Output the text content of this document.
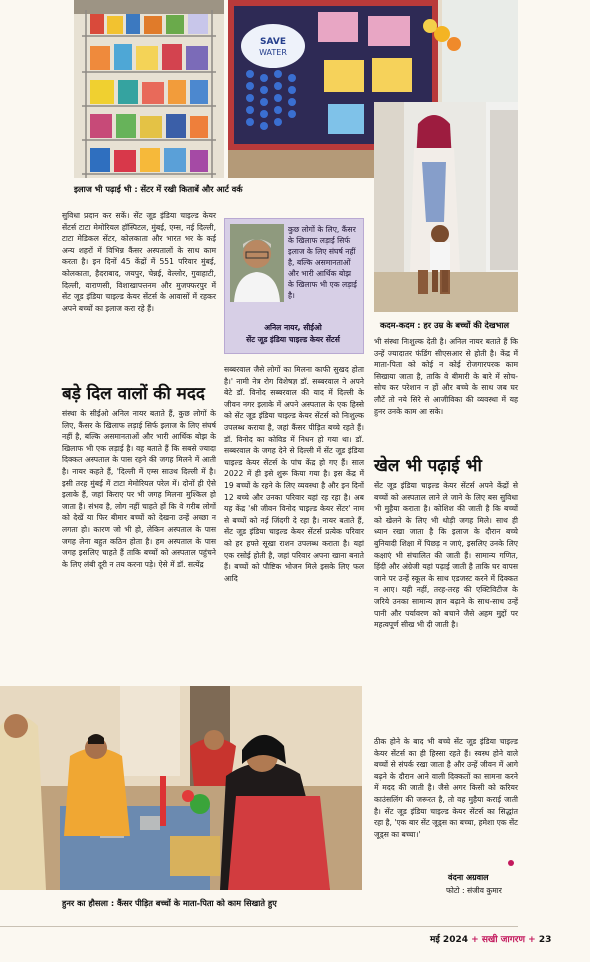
SAVE
WATER
इलाज भी पढ़ाई भी : सेंटर में रखी किताबें और आर्ट वर्क
कदम-कदम : हर उम्र के बच्चों की देखभाल
कुछ लोगों के लिए, कैंसर के खिलाफ लड़ाई सिर्फ इलाज के लिए संघर्ष नहीं है, बल्कि असमानताओं और भारी आर्थिक बोझ के खिलाफ भी एक लड़ाई है।
अनिल नायर, सीईओ
सेंट जूड इंडिया चाइल्ड केयर सेंटर्स

सुविधा प्रदान कर सकें। सेंट जूड इंडिया चाइल्ड केयर सेंटर्स टाटा मेमोरियल हॉस्पिटल, मुंबई, एम्स, नई दिल्ली, टाटा मेडिकल सेंटर, कोलकाता और भारत भर के कई अन्य शहरों में विभिन्न कैंसर अस्पतालों के साथ काम करता है। इन दिनों 45 केंद्रों में 551 परिवार मुंबई, कोलकाता, हैदराबाद, जयपुर, चेन्नई, वेल्लोर, गुवाहाटी, दिल्ली, वाराणसी, विशाखापत्तनम और मुजफ्फरपुर में सेंट जूड इंडिया चाइल्ड केयर सेंटर्स के आवासों में रहकर अपने बच्चों का इलाज करा रहे हैं।

बड़े दिल वालों की मदद

संस्था के सीईओ अनिल नायर बताते हैं, कुछ लोगों के लिए, कैंसर के खिलाफ लड़ाई सिर्फ इलाज के लिए संघर्ष नहीं है, बल्कि असमानताओं और भारी आर्थिक बोझ के खिलाफ भी एक लड़ाई है। वह बताते हैं कि सबसे ज्यादा दिक्कत अस्पताल के पास रहने की जगह मिलने में आती है। नायर कहते हैं, 'दिल्ली में एम्स साउथ दिल्ली में है। इसी तरह मुंबई में टाटा मेमोरियल परेल में। दोनों ही ऐसे इलाके हैं, जहां किराए पर भी जगह मिलना मुश्किल हो जाता है। संभव है, लोग नहीं चाहते हों कि वे गरीब लोगों को देखें या फिर बीमार बच्चों को देखना उन्हें अच्छा न लगता हो। कारण जो भी हो, लेकिन अस्पताल के पास जगह लेना बहुत कठिन होता है। हम अस्पताल के पास जगह इसलिए चाहते हैं ताकि बच्चों को अस्पताल पहुंचने के लिए लंबी दूरी न तय करना पड़े। ऐसे में डॉ. सत्येंद्र

सब्बरवाल जैसे लोगों का मिलना काफी सुखद होता है।' नामी नेत्र रोग विशेषज्ञ डॉ. सब्बरवाल ने अपने बेटे डॉ. विनोद सब्बरवाल की याद में दिल्ली के जीवन नगर इलाके में अपने अस्पताल के एक हिस्से को सेंट जूड इंडिया चाइल्ड केयर सेंटर्स को निःशुल्क उपलब्ध कराया है, जहां कैंसर पीड़ित बच्चे रहते हैं। डॉ. विनोद का कोविड में निधन हो गया था। डॉ. सब्बरवाल के जगह देने से दिल्ली में सेंट जूड इंडिया चाइल्ड केयर सेंटर्स के पांच केंद्र हो गए हैं। साल 2022 में ही इसे शुरू किया गया है। इस केंद्र में 19 बच्चों के रहने के लिए व्यवस्था है और इन दिनों 12 बच्चे और उनका परिवार यहां रह रहा है। अब यह केंद्र 'श्री जीवन विनोद चाइल्ड केयर सेंटर' नाम से बच्चों को नई जिंदगी दे रहा है। नायर बताते हैं, सेंट जूड इंडिया चाइल्ड केयर सेंटर्स प्रत्येक परिवार को हर हफ्ते सूखा राशन उपलब्ध कराता है। यहां एक रसोई होती है, जहां परिवार अपना खाना बनाते हैं। बच्चों को पौष्टिक भोजन मिले इसके लिए फल आदि

भी संस्था निःशुल्क देती है। अनिल नायर बताते हैं कि उन्हें ज्यादातर फंडिंग सीएसआर से होती है। केंद्र में माता-पिता को कोई न कोई रोजगारपरक काम सिखाया जाता है, ताकि वे बीमारी के बारे में सोच-सोच कर परेशान न हों और बच्चे के साथ जब घर लौटें तो नये सिरे से आजीविका की व्यवस्था में यह हुनर उनके काम आ सके।

खेल भी पढ़ाई भी

सेंट जूड इंडिया चाइल्ड केयर सेंटर्स अपने केंद्रों से बच्चों को अस्पताल लाने ले जाने के लिए बस सुविधा भी मुहैया कराता है। कोशिश की जाती है कि बच्चों को खेलने के लिए भी थोड़ी जगह मिले। साथ ही ध्यान रखा जाता है कि इलाज के दौरान बच्चे बुनियादी शिक्षा में पिछड़ न जाएं, इसलिए उनके लिए कक्षाएं भी संचालित की जाती हैं। सामान्य गणित, हिंदी और अंग्रेजी यहां पढ़ाई जाती है ताकि घर वापस जाने पर उन्हें स्कूल के साथ एडजस्ट करने में दिक्कत न आए। यही नहीं, तरह-तरह की एक्टिविटीज के जरिये उनका सामान्य ज्ञान बढ़ाने के साथ-साथ उन्हें पानी और पर्यावरण को बचाने जैसे अहम मुद्दों पर महत्वपूर्ण सीख भी दी जाती है।

ठीक होने के बाद भी बच्चे सेंट जूड इंडिया चाइल्ड केयर सेंटर्स का ही हिस्सा रहते हैं। स्वस्थ होने वाले बच्चों से संपर्क रखा जाता है और उन्हें जीवन में आगे बढ़ने के दौरान आने वाली दिक्कतों का सामना करने में मदद की जाती है। जैसे अगर किसी को करियर काउंसलिंग की जरूरत है, तो वह मुहैया कराई जाती है। सेंट जूड इंडिया चाइल्ड केयर सेंटर्स का सिद्धांत रहा है, 'एक बार सेंट जूड्स का बच्चा, हमेशा एक सेंट जूड्स का बच्चा।'

वंदना अग्रवाल
फोटो : संजीव कुमार
हुनर का हौसला : कैंसर पीड़ित बच्चों के माता-पिता को काम सिखाते हुए
मई 2024 + सखी जागरण + 23
